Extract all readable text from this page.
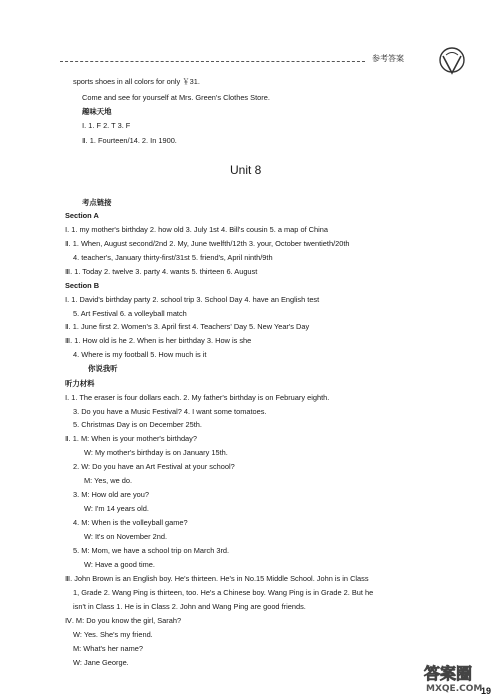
参考答案
sports shoes in all colors for only ￥31.
Come and see for yourself at Mrs. Green's Clothes Store.
趣味天地
Ⅰ. 1. F 2. T 3. F
Ⅱ. 1. Fourteen/14. 2. In 1900.
考点链接
Section A
Ⅰ. 1. my mother's birthday 2. how old 3. July 1st 4. Bill's cousin 5. a map of China
Ⅱ. 1. When, August second/2nd 2. My, June twelfth/12th 3. your, October twentieth/20th
4. teacher's, January thirty-first/31st 5. friend's, April ninth/9th
Ⅲ. 1. Today 2. twelve 3. party 4. wants 5. thirteen 6. August
Section B
Ⅰ. 1. David's birthday party 2. school trip 3. School Day 4. have an English test
5. Art Festival 6. a volleyball match
Ⅱ. 1. June first 2. Women's 3. April first 4. Teachers' Day 5. New Year's Day
Ⅲ. 1. How old is he 2. When is her birthday 3. How is she
4. Where is my football 5. How much is it
你说我听
听力材料
Ⅰ. 1. The eraser is four dollars each. 2. My father's birthday is on February eighth.
3. Do you have a Music Festival? 4. I want some tomatoes.
5. Christmas Day is on December 25th.
Ⅱ. 1. M: When is your mother's birthday?
W: My mother's birthday is on January 15th.
2. W: Do you have an Art Festival at your school?
M: Yes, we do.
3. M: How old are you?
W: I'm 14 years old.
4. M: When is the volleyball game?
W: It's on November 2nd.
5. M: Mom, we have a school trip on March 3rd.
W: Have a good time.
Ⅲ. John Brown is an English boy. He's thirteen. He's in No.15 Middle School. John is in Class
1, Grade 2. Wang Ping is thirteen, too. He's a Chinese boy. Wang Ping is in Grade 2. But he
isn't in Class 1. He is in Class 2. John and Wang Ping are good friends.
Ⅳ. M: Do you know the girl, Sarah?
W: Yes. She's my friend.
M: What's her name?
W: Jane George.
Unit 8
答案圈
MXQE.COM
19
